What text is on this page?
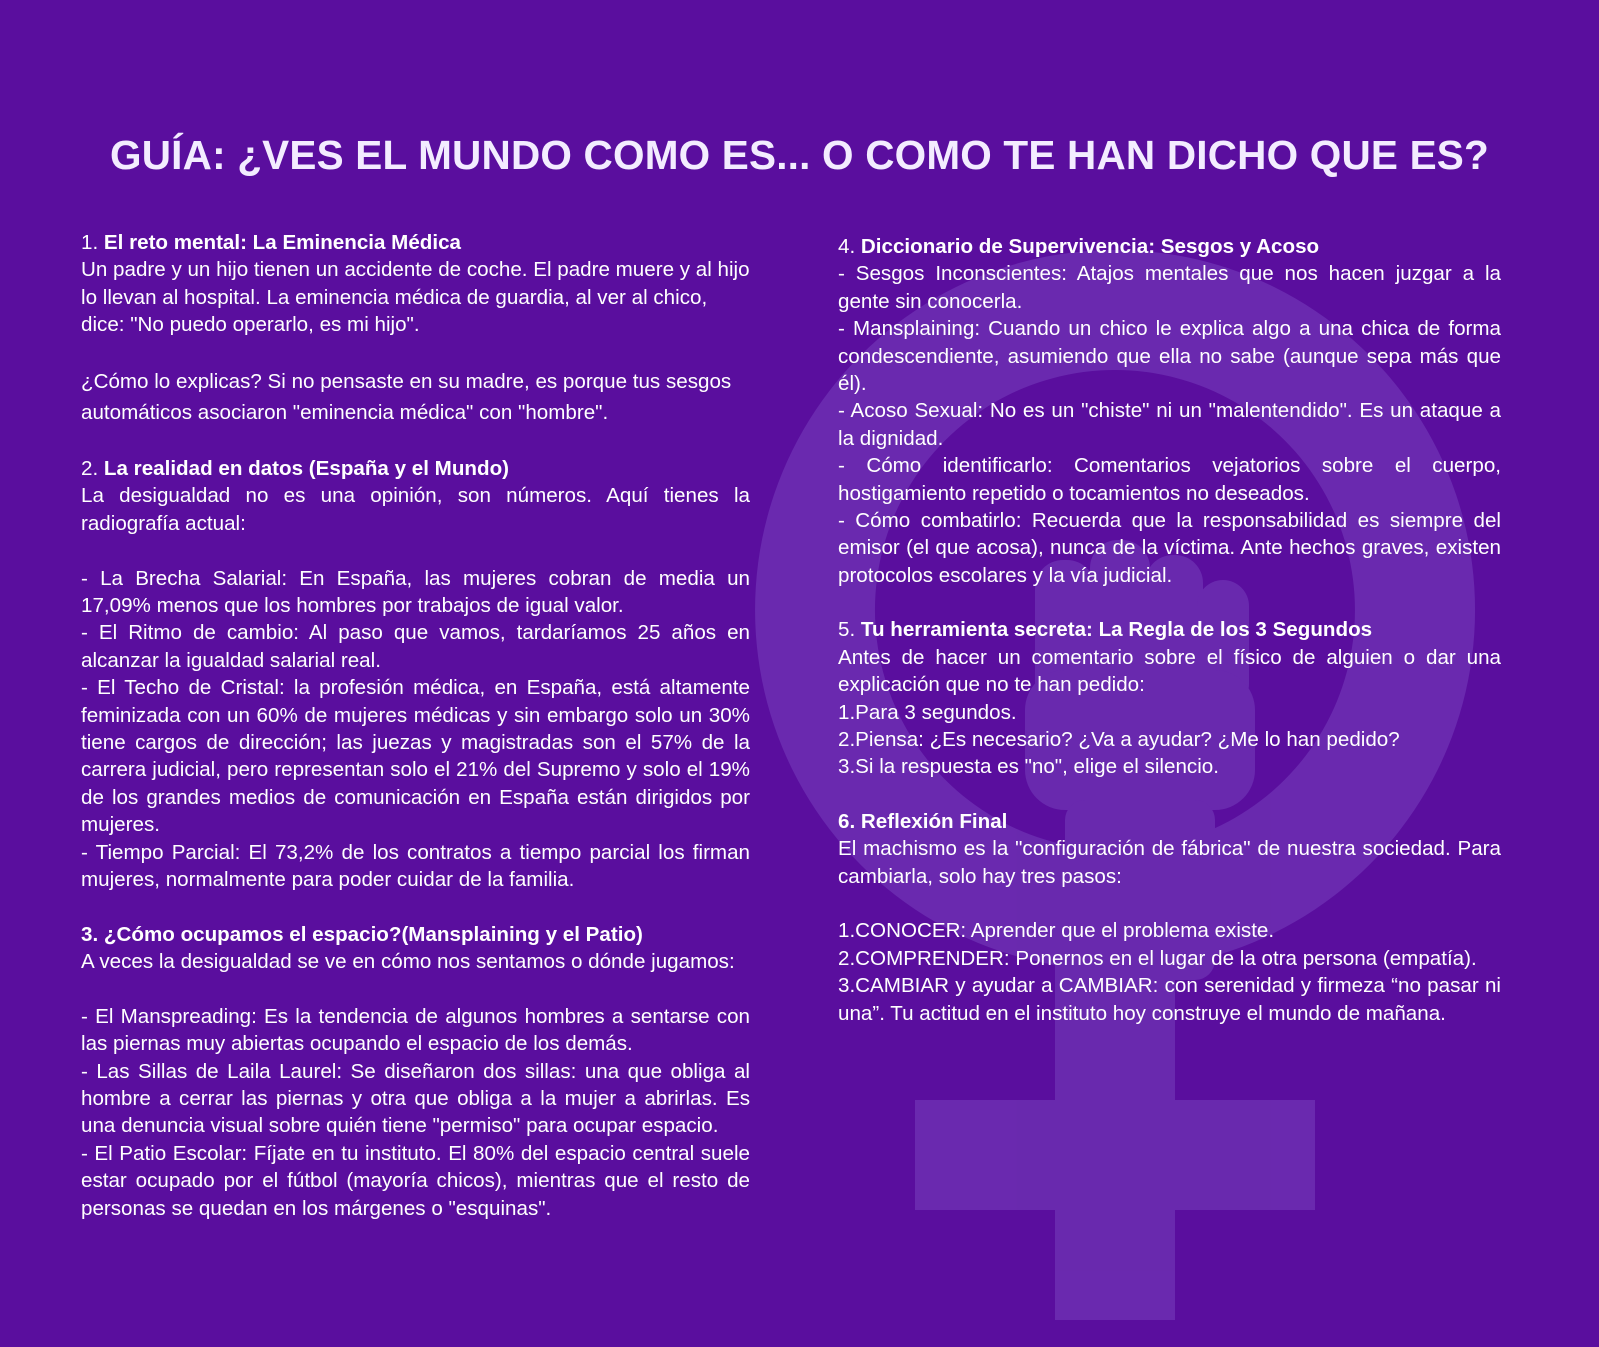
GUÍA: ¿VES EL MUNDO COMO ES... O COMO TE HAN DICHO QUE ES?

1. El reto mental: La Eminencia Médica

Un padre y un hijo tienen un accidente de coche. El padre muere y al hijo lo llevan al hospital. La eminencia médica de guardia, al ver al chico, dice: "No puedo operarlo, es mi hijo".

¿Cómo lo explicas? Si no pensaste en su madre, es porque tus sesgos automáticos asociaron "eminencia médica" con "hombre".

2. La realidad en datos (España y el Mundo)

La desigualdad no es una opinión, son números. Aquí tienes la radiografía actual:

- La Brecha Salarial: En España, las mujeres cobran de media un 17,09% menos que los hombres por trabajos de igual valor.

- El Ritmo de cambio: Al paso que vamos, tardaríamos 25 años en alcanzar la igualdad salarial real.

- El Techo de Cristal: la profesión médica, en España, está altamente feminizada con un 60% de mujeres médicas y sin embargo solo un 30% tiene cargos de dirección; las juezas y magistradas son el 57% de la carrera judicial, pero representan solo el 21% del Supremo y solo el 19% de los grandes medios de comunicación en España están dirigidos por mujeres.

- Tiempo Parcial: El 73,2% de los contratos a tiempo parcial los firman mujeres, normalmente para poder cuidar de la familia.

3. ¿Cómo ocupamos el espacio?(Mansplaining y el Patio)

A veces la desigualdad se ve en cómo nos sentamos o dónde jugamos:

- El Manspreading: Es la tendencia de algunos hombres a sentarse con las piernas muy abiertas ocupando el espacio de los demás.

- Las Sillas de Laila Laurel: Se diseñaron dos sillas: una que obliga al hombre a cerrar las piernas y otra que obliga a la mujer a abrirlas. Es una denuncia visual sobre quién tiene "permiso" para ocupar espacio.

- El Patio Escolar: Fíjate en tu instituto. El 80% del espacio central suele estar ocupado por el fútbol (mayoría chicos), mientras que el resto de personas se quedan en los márgenes o "esquinas".

4. Diccionario de Supervivencia: Sesgos y Acoso

- Sesgos Inconscientes: Atajos mentales que nos hacen juzgar a la gente sin conocerla.

- Mansplaining: Cuando un chico le explica algo a una chica de forma condescendiente, asumiendo que ella no sabe (aunque sepa más que él).

- Acoso Sexual: No es un "chiste" ni un "malentendido". Es un ataque a la dignidad.

- Cómo identificarlo: Comentarios vejatorios sobre el cuerpo, hostigamiento repetido o tocamientos no deseados.

- Cómo combatirlo: Recuerda que la responsabilidad es siempre del emisor (el que acosa), nunca de la víctima. Ante hechos graves, existen protocolos escolares y la vía judicial.

5. Tu herramienta secreta: La Regla de los 3 Segundos

Antes de hacer un comentario sobre el físico de alguien o dar una explicación que no te han pedido:

1.Para 3 segundos.

2.Piensa: ¿Es necesario? ¿Va a ayudar? ¿Me lo han pedido?

3.Si la respuesta es "no", elige el silencio.

6. Reflexión Final

El machismo es la "configuración de fábrica" de nuestra sociedad. Para cambiarla, solo hay tres pasos:

1.CONOCER: Aprender que el problema existe.

2.COMPRENDER: Ponernos en el lugar de la otra persona (empatía).

3.CAMBIAR y ayudar a CAMBIAR: con serenidad y firmeza “no pasar ni una”. Tu actitud en el instituto hoy construye el mundo de mañana.
